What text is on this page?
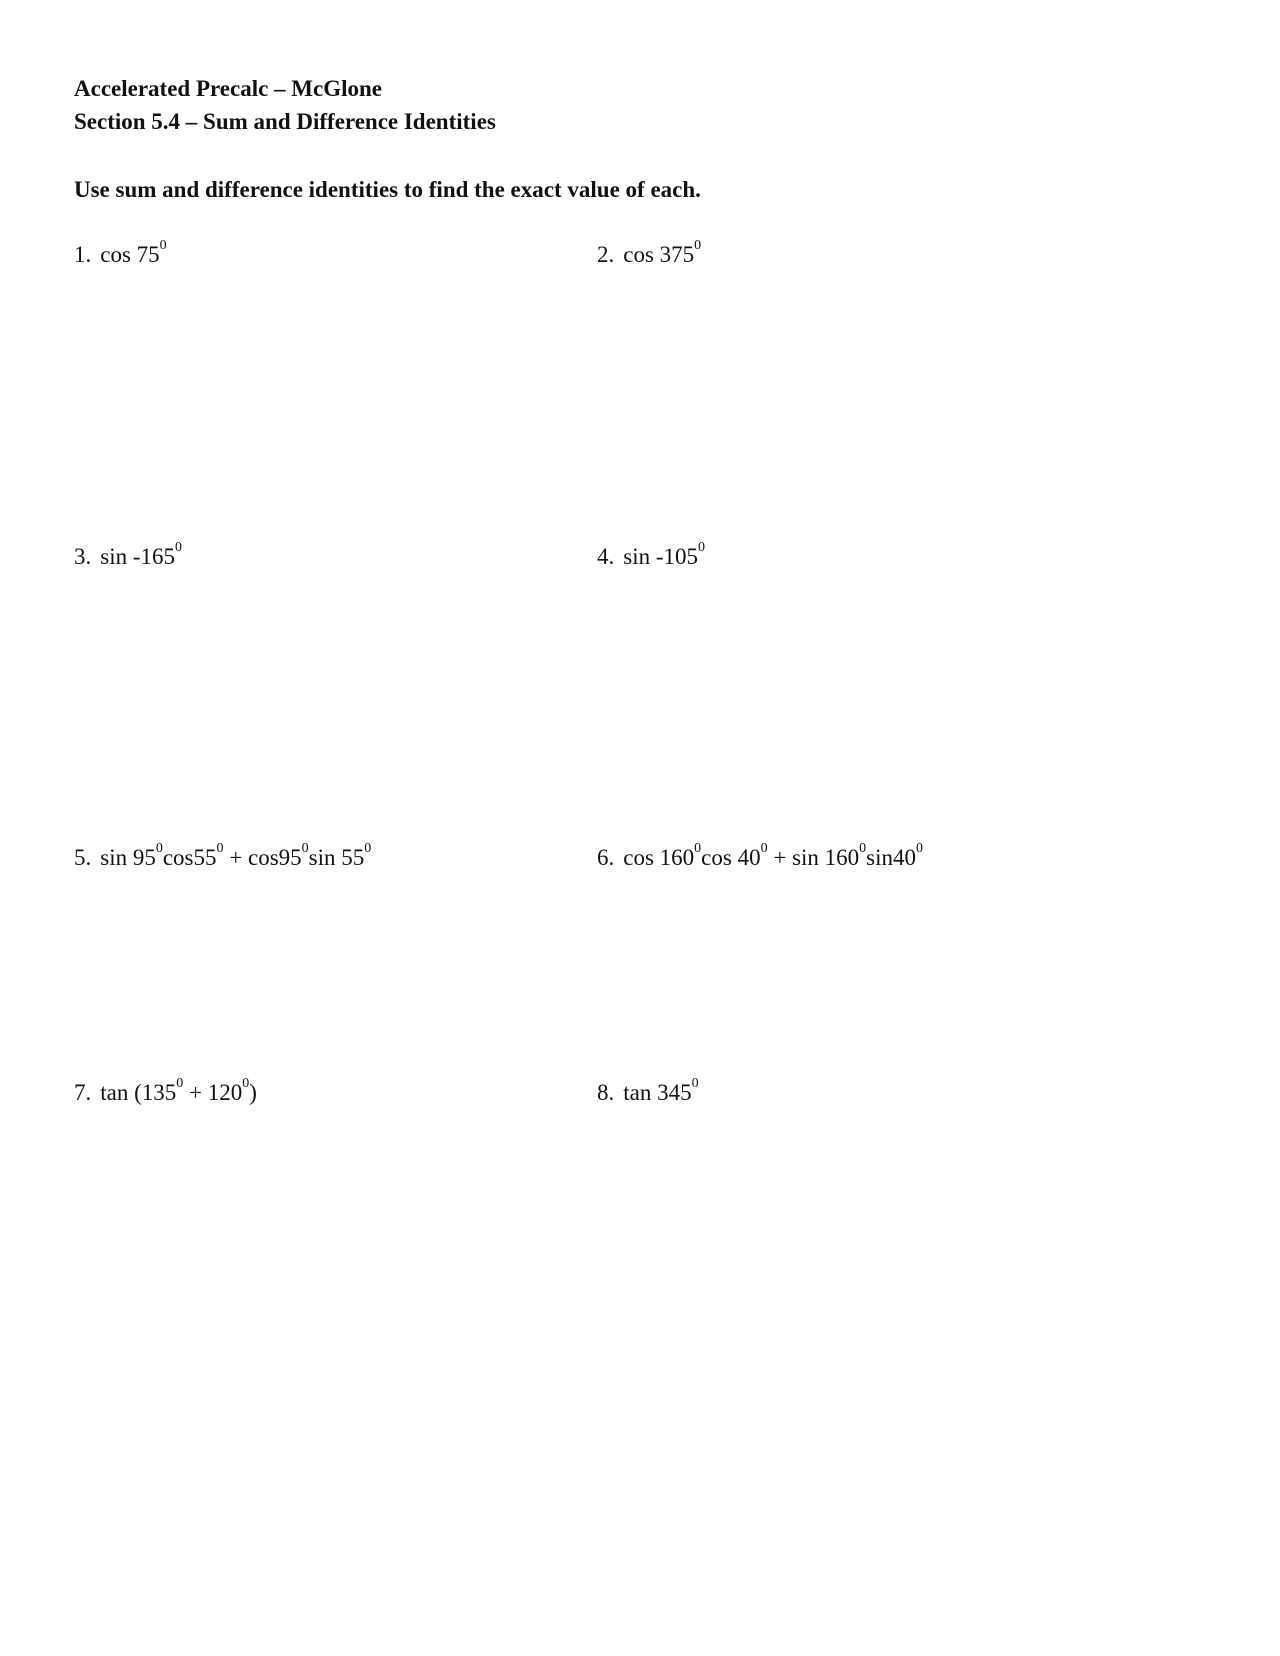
Accelerated Precalc – McGlone
Section 5.4 – Sum and Difference Identities

Use sum and difference identities to find the exact value of each.

1. $\cos 75^0$	2. $\cos 375^0$
3. $\sin -165^0$	4. $\sin -105^0$
5. $\sin 95^0\cos 55^0 + \cos 95^0\sin$ $55^0$	6. $\cos 160^0\cos$ $40^0 + \sin 160^0\sin 40^0$
7. $\tan (135^0 + 120^0)$	8. $\tan 345^0$
